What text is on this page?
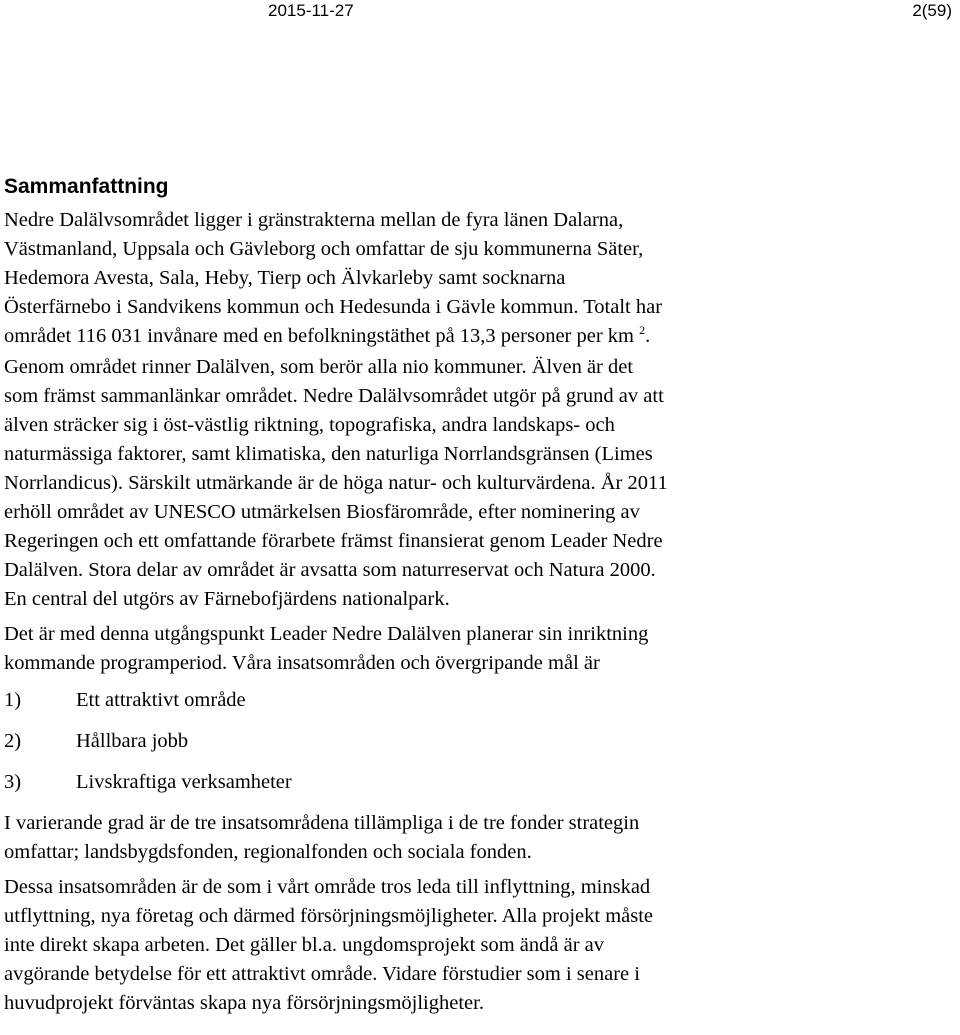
2015-11-27	2(59)
Sammanfattning

Nedre Dalälvsområdet ligger i gränstrakterna mellan de fyra länen Dalarna,
Västmanland, Uppsala och Gävleborg och omfattar de sju kommunerna Säter,
Hedemora Avesta, Sala, Heby, Tierp och Älvkarleby samt socknarna
Österfärnebo i Sandvikens kommun och Hedesunda i Gävle kommun. Totalt har
området 116 031 invånare med en befolkningstäthet på 13,3 personer per km $^2$.

Genom området rinner Dalälven, som berör alla nio kommuner. Älven är det
som främst sammanlänkar området. Nedre Dalälvsområdet utgör på grund av att
älven sträcker sig i öst-västlig riktning, topografiska, andra landskaps- och
naturmässiga faktorer, samt klimatiska, den naturliga Norrlandsgränsen (Limes
Norrlandicus). Särskilt utmärkande är de höga natur- och kulturvärdena. År 2011
erhöll området av UNESCO utmärkelsen Biosfärområde, efter nominering av
Regeringen och ett omfattande förarbete främst finansierat genom Leader Nedre
Dalälven. Stora delar av området är avsatta som naturreservat och Natura 2000.
En central del utgörs av Färnebofjärdens nationalpark.

Det är med denna utgångspunkt Leader Nedre Dalälven planerar sin inriktning
kommande programperiod. Våra insatsområden och övergripande mål är

1)	Ett attraktivt område
2)	Hållbara jobb
3)	Livskraftiga verksamheter

I varierande grad är de tre insatsområdena tillämpliga i de tre fonder strategin
omfattar; landsbygdsfonden, regionalfonden och sociala fonden.

Dessa insatsområden är de som i vårt område tros leda till inflyttning, minskad
utflyttning, nya företag och därmed försörjningsmöjligheter. Alla projekt måste
inte direkt skapa arbeten. Det gäller bl.a. ungdomsprojekt som ändå är av
avgörande betydelse för ett attraktivt område. Vidare förstudier som i senare i
huvudprojekt förväntas skapa nya försörjningsmöjligheter.
